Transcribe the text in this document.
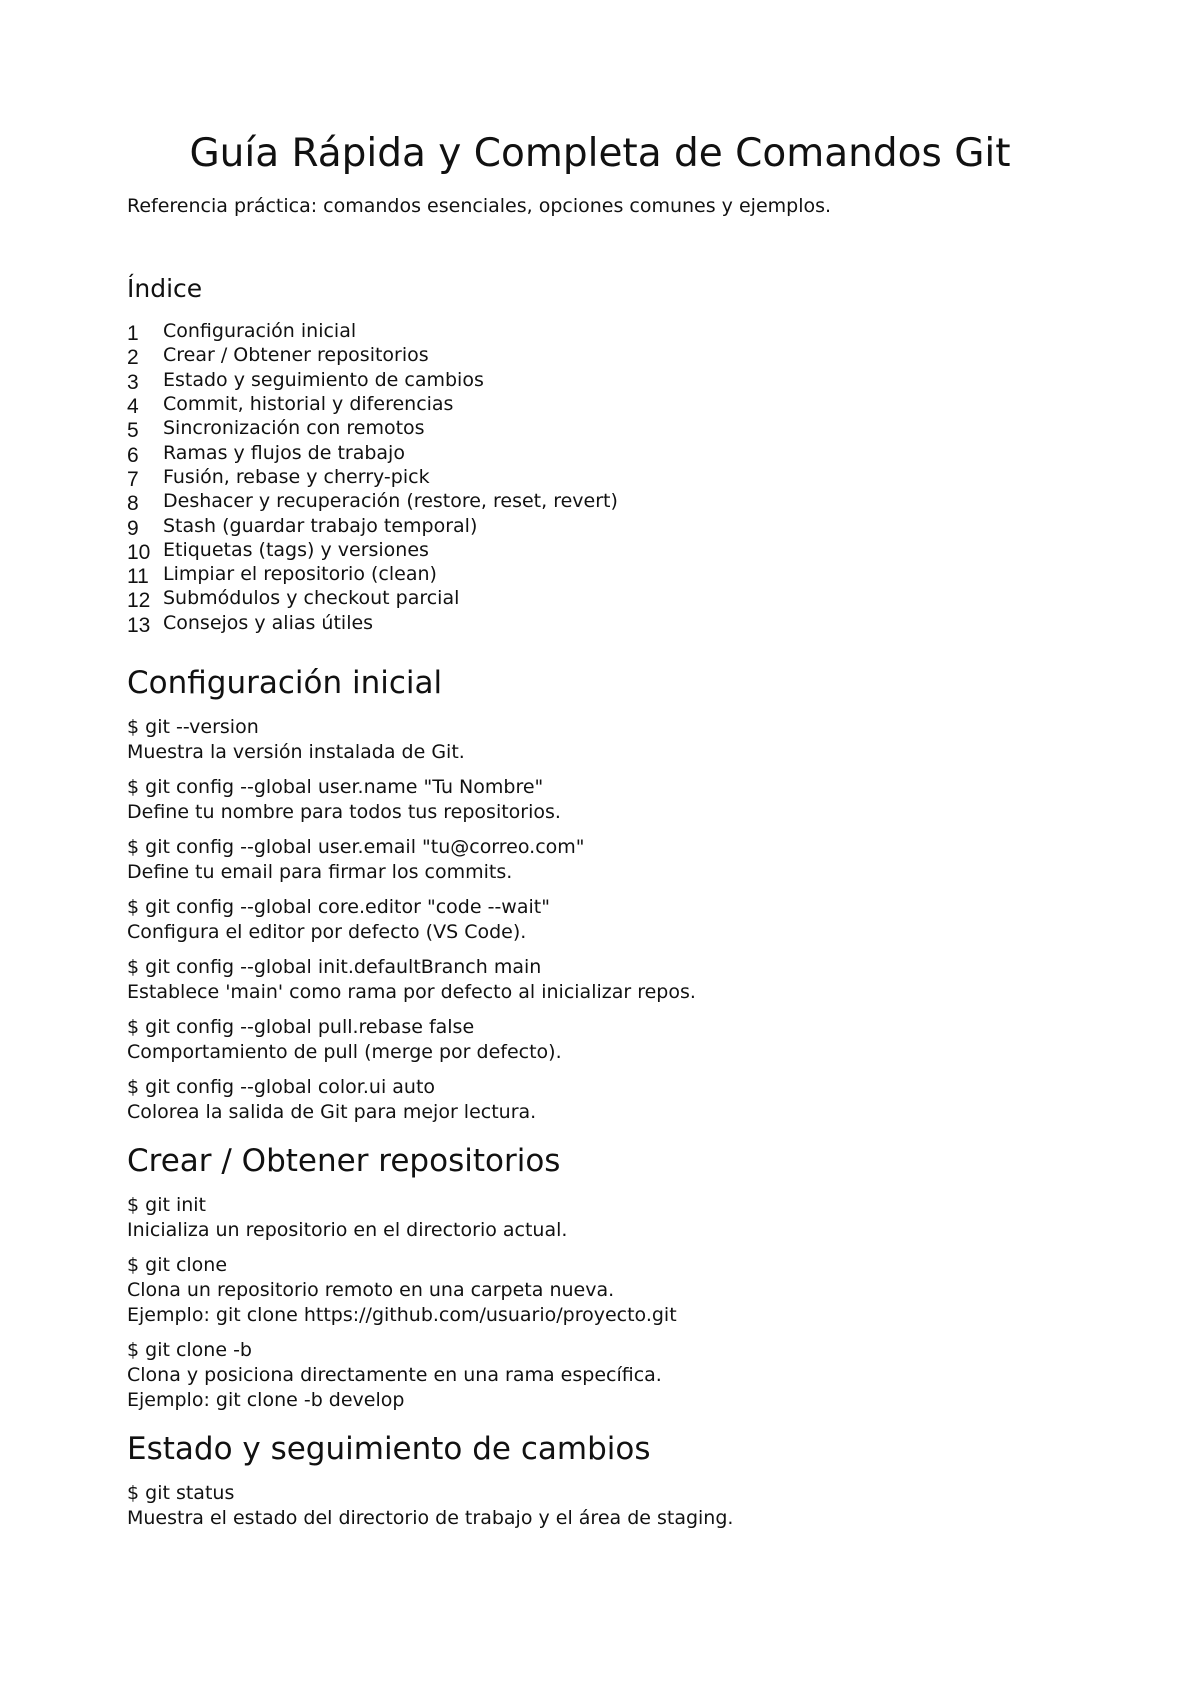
Guía Rápida y Completa de Comandos Git

Referencia práctica: comandos esenciales, opciones comunes y ejemplos.

Índice
1	Configuración inicial
2	Crear / Obtener repositorios
3	Estado y seguimiento de cambios
4	Commit, historial y diferencias
5	Sincronización con remotos
6	Ramas y flujos de trabajo
7	Fusión, rebase y cherry-pick
8	Deshacer y recuperación (restore, reset, revert)
9	Stash (guardar trabajo temporal)
10 Etiquetas (tags) y versiones
11 Limpiar el repositorio (clean)
12 Submódulos y checkout parcial
13 Consejos y alias útiles
Configuración inicial

$ git --version

Muestra la versión instalada de Git.

$ git config --global user.name "Tu Nombre"

Define tu nombre para todos tus repositorios.

$ git config --global user.email "tu@correo.com"

Define tu email para firmar los commits.

$ git config --global core.editor "code --wait"

Configura el editor por defecto (VS Code).

$ git config --global init.defaultBranch main

Establece 'main' como rama por defecto al inicializar repos.

$ git config --global pull.rebase false

Comportamiento de pull (merge por defecto).

$ git config --global color.ui auto

Colorea la salida de Git para mejor lectura.

Crear / Obtener repositorios

$ git init

Inicializa un repositorio en el directorio actual.

$ git clone

Clona un repositorio remoto en una carpeta nueva.

Ejemplo: git clone https://github.com/usuario/proyecto.git

$ git clone -b

Clona y posiciona directamente en una rama específica.

Ejemplo: git clone -b develop

Estado y seguimiento de cambios

$ git status

Muestra el estado del directorio de trabajo y el área de staging.
